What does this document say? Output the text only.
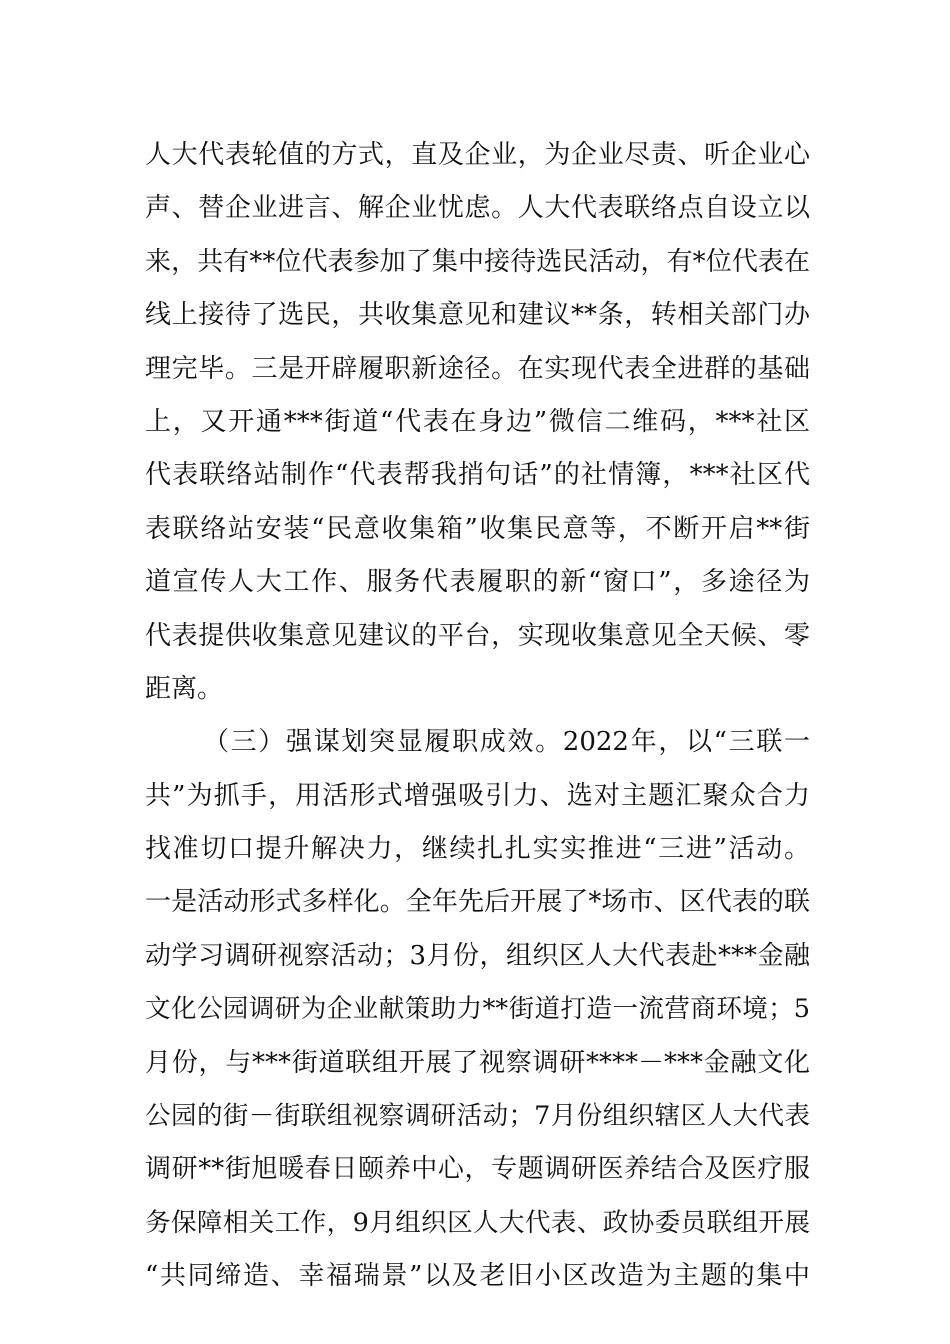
人大代表轮值的方式，直及企业，为企业尽责、听企业心
声、替企业进言、解企业忧虑。人大代表联络点自设立以
来，共有**位代表参加了集中接待选民活动，有*位代表在
线上接待了选民，共收集意见和建议**条，转相关部门办
理完毕。三是开辟履职新途径。在实现代表全进群的基础
上，又开通***街道“代表在身边”微信二维码，***社区
代表联络站制作“代表帮我捎句话”的社情簿，***社区代
表联络站安装“民意收集箱”收集民意等，不断开启**街
道宣传人大工作、服务代表履职的新“窗口”，多途径为
代表提供收集意见建议的平台，实现收集意见全天候、零
距离。
（三）强谋划突显履职成效。2022年，以“三联一
共”为抓手，用活形式增强吸引力、选对主题汇聚众合力
找准切口提升解决力，继续扎扎实实推进“三进”活动。
一是活动形式多样化。全年先后开展了*场市、区代表的联
动学习调研视察活动；3月份，组织区人大代表赴***金融
文化公园调研为企业献策助力**街道打造一流营商环境；5
月份，与***街道联组开展了视察调研****－***金融文化
公园的街－街联组视察调研活动；7月份组织辖区人大代表
调研**街旭暖春日颐养中心，专题调研医养结合及医疗服
务保障相关工作，9月组织区人大代表、政协委员联组开展
“共同缔造、幸福瑞景”以及老旧小区改造为主题的集中
